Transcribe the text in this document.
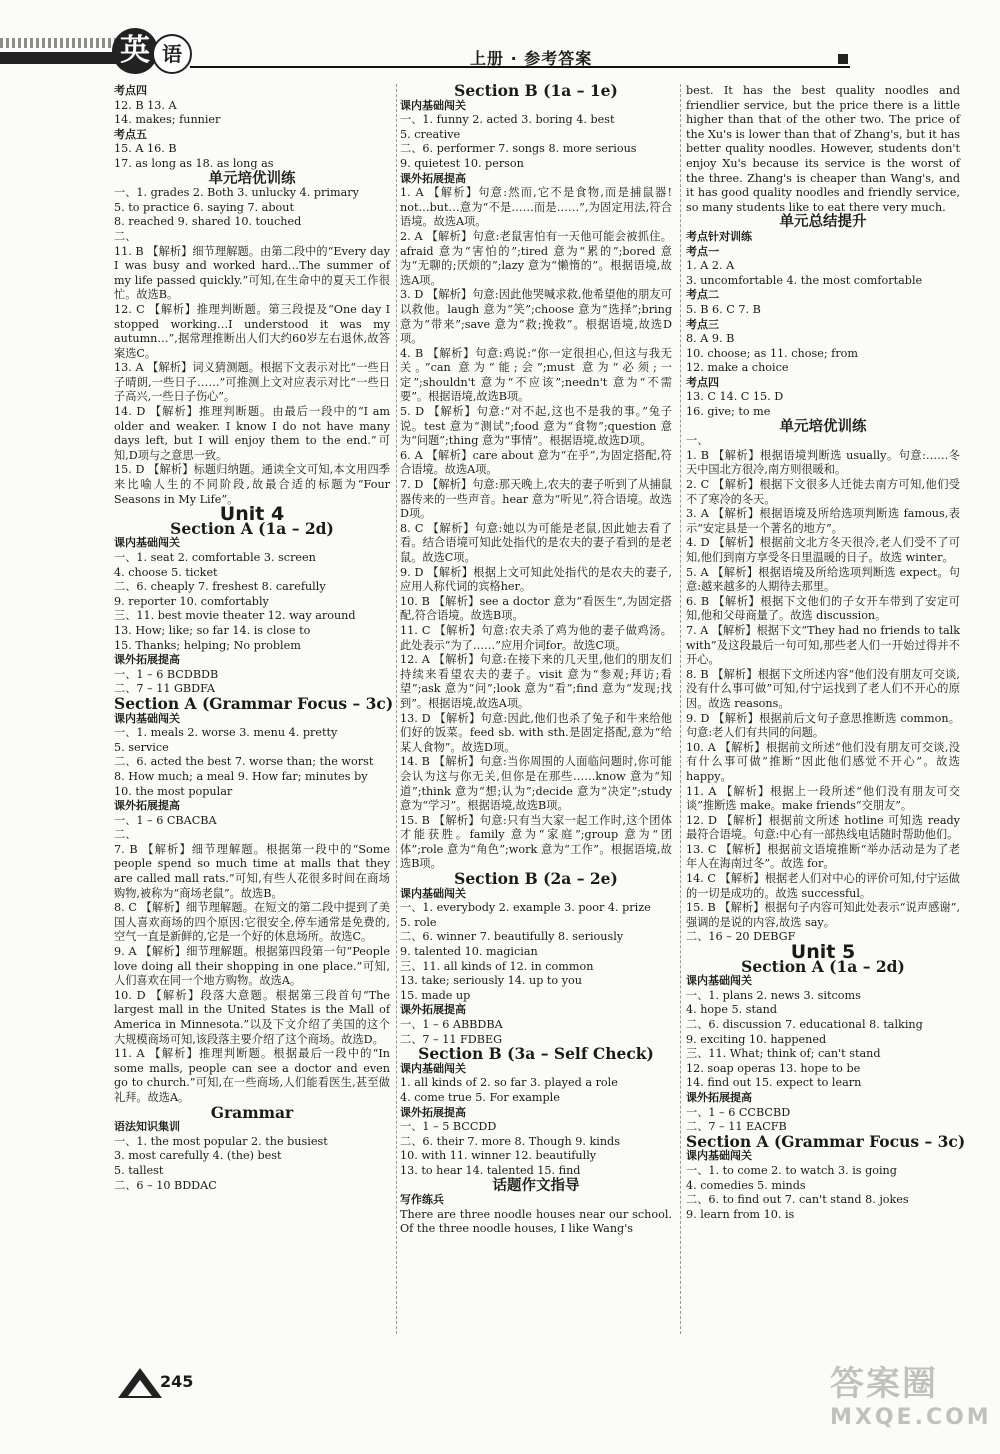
英 语	上册 · 参考答案

考点四

12. B 13. A

14. makes; funnier

考点五

15. A 16. B

17. as long as 18. as long as

单元培优训练

一、1. grades 2. Both 3. unlucky 4. primary

5. to practice 6. saying 7. about

8. reached 9. shared 10. touched

二、

11. B 【解析】细节理解题。由第二段中的“Every day I was busy and worked hard…The summer of my life passed quickly.”可知,在生命中的夏天工作很忙。故选B。

12. C 【解析】推理判断题。第三段提及“One day I stopped working…I understood it was my autumn…”,据常理推断出人们大约60岁左右退休,故答案选C。

13. A 【解析】词义猜测题。根据下文表示对比“一些日子晴朗,一些日子……”可推测上文对应表示对比“一些日子高兴,一些日子伤心”。

14. D 【解析】推理判断题。由最后一段中的“I am older and weaker. I know I do not have many days left, but I will enjoy them to the end.”可知,D项与之意思一致。

15. D 【解析】标题归纳题。通读全文可知,本文用四季来比喻人生的不同阶段,故最合适的标题为“Four Seasons in My Life”。

Unit 4

Section A (1a – 2d)

课内基础闯关

一、1. seat 2. comfortable 3. screen

4. choose 5. ticket

二、6. cheaply 7. freshest 8. carefully

9. reporter 10. comfortably

三、11. best movie theater 12. way around

13. How; like; so far 14. is close to

15. Thanks; helping; No problem

课外拓展提高

一、1 – 6 BCDBDB

二、7 – 11 GBDFA

Section A (Grammar Focus – 3c)

课内基础闯关

一、1. meals 2. worse 3. menu 4. pretty

5. service

二、6. acted the best 7. worse than; the worst

8. How much; a meal 9. How far; minutes by

10. the most popular

课外拓展提高

一、1 – 6 CBACBA

二、

7. B 【解析】细节理解题。根据第一段中的“Some people spend so much time at malls that they are called mall rats.”可知,有些人花很多时间在商场购物,被称为“商场老鼠”。故选B。

8. C 【解析】细节理解题。在短文的第二段中提到了美国人喜欢商场的四个原因:它很安全,停车通常是免费的,空气一直是新鲜的,它是一个好的休息场所。故选C。

9. A 【解析】细节理解题。根据第四段第一句“People love doing all their shopping in one place.”可知,人们喜欢在同一个地方购物。故选A。

10. D 【解析】段落大意题。根据第三段首句“The largest mall in the United States is the Mall of America in Minnesota.”以及下文介绍了美国的这个大规模商场可知,该段落主要介绍了这个商场。故选D。

11. A 【解析】推理判断题。根据最后一段中的“In some malls, people can see a doctor and even go to church.”可知,在一些商场,人们能看医生,甚至做礼拜。故选A。

Grammar

语法知识集训

一、1. the most popular 2. the busiest

3. most carefully 4. (the) best

5. tallest

二、6 – 10 BDDAC

Section B (1a – 1e)

课内基础闯关

一、1. funny 2. acted 3. boring 4. best

5. creative

二、6. performer 7. songs 8. more serious

9. quietest 10. person

课外拓展提高

1. A 【解析】句意:然而,它不是食物,而是捕鼠器! not…but…意为“不是……而是……”,为固定用法,符合语境。故选A项。

2. A 【解析】句意:老鼠害怕有一天他可能会被抓住。afraid 意为“害怕的”;tired 意为“累的”;bored 意为“无聊的;厌烦的”;lazy 意为“懒惰的”。根据语境,故选A项。

3. D 【解析】句意:因此他哭喊求救,他希望他的朋友可以救他。laugh 意为“笑”;choose 意为“选择”;bring 意为“带来”;save 意为“救;挽救”。根据语境,故选D项。

4. B 【解析】句意:鸡说:“你一定很担心,但这与我无关。”can 意为“能;会”;must 意为“必须;一定”;shouldn't 意为“不应该”;needn't 意为“不需要”。根据语境,故选B项。

5. D 【解析】句意:“对不起,这也不是我的事。”兔子说。test 意为“测试”;food 意为“食物”;question 意为“问题”;thing 意为“事情”。根据语境,故选D项。

6. A 【解析】care about 意为“在乎”,为固定搭配,符合语境。故选A项。

7. D 【解析】句意:那天晚上,农夫的妻子听到了从捕鼠器传来的一些声音。hear 意为“听见”,符合语境。故选D项。

8. C 【解析】句意:她以为可能是老鼠,因此她去看了看。结合语境可知此处指代的是农夫的妻子看到的是老鼠。故选C项。

9. D 【解析】根据上文可知此处指代的是农夫的妻子,应用人称代词的宾格her。

10. B 【解析】see a doctor 意为“看医生”,为固定搭配,符合语境。故选B项。

11. C 【解析】句意:农夫杀了鸡为他的妻子做鸡汤。此处表示“为了……”应用介词for。故选C项。

12. A 【解析】句意:在接下来的几天里,他们的朋友们持续来看望农夫的妻子。visit 意为“参观;拜访;看望”;ask 意为“问”;look 意为“看”;find 意为“发现;找到”。根据语境,故选A项。

13. D 【解析】句意:因此,他们也杀了兔子和牛来给他们好的饭菜。feed sb. with sth.是固定搭配,意为“给某人食物”。故选D项。

14. B 【解析】句意:当你周围的人面临问题时,你可能会认为这与你无关,但你是在那些……know 意为“知道”;think 意为“想;认为”;decide 意为“决定”;study 意为“学习”。根据语境,故选B项。

15. B 【解析】句意:只有当大家一起工作时,这个团体才能获胜。family 意为“家庭”;group 意为“团体”;role 意为“角色”;work 意为“工作”。根据语境,故选B项。

Section B (2a – 2e)

课内基础闯关

一、1. everybody 2. example 3. poor 4. prize

5. role

二、6. winner 7. beautifully 8. seriously

9. talented 10. magician

三、11. all kinds of 12. in common

13. take; seriously 14. up to you

15. made up

课外拓展提高

一、1 – 6 ABBDBA

二、7 – 11 FDBEG

Section B (3a – Self Check)

课内基础闯关

1. all kinds of 2. so far 3. played a role

4. come true 5. For example

课外拓展提高

一、1 – 5 BCCDD

二、6. their 7. more 8. Though 9. kinds

10. with 11. winner 12. beautifully

13. to hear 14. talented 15. find

话题作文指导

写作练兵

There are three noodle houses near our school. Of the three noodle houses, I like Wang's

best. It has the best quality noodles and friendlier service, but the price there is a little higher than that of the other two. The price of the Xu's is lower than that of Zhang's, but it has better quality noodles. However, students don't enjoy Xu's because its service is the worst of the three. Zhang's is cheaper than Wang's, and it has good quality noodles and friendly service, so many students like to eat there very much.

单元总结提升

考点针对训练

考点一

1. A 2. A

3. uncomfortable 4. the most comfortable

考点二

5. B 6. C 7. B

考点三

8. A 9. B

10. choose; as 11. chose; from

12. make a choice

考点四

13. C 14. C 15. D

16. give; to me

单元培优训练

一、

1. B 【解析】根据语境判断选 usually。句意:……冬天中国北方很冷,南方则很暖和。

2. C 【解析】根据下文很多人迁徙去南方可知,他们受不了寒冷的冬天。

3. A 【解析】根据语境及所给选项判断选 famous,表示“安定县是一个著名的地方”。

4. D 【解析】根据前文北方冬天很冷,老人们受不了可知,他们到南方享受冬日里温暖的日子。故选 winter。

5. A 【解析】根据语境及所给选项判断选 expect。句意:越来越多的人期待去那里。

6. B 【解析】根据下文他们的子女开车带到了安定可知,他和父母商量了。故选 discussion。

7. A 【解析】根据下文“They had no friends to talk with”及这段最后一句可知,那些老人们一开始过得并不开心。

8. B 【解析】根据下文所述内容“他们没有朋友可交谈,没有什么事可做”可知,付宁运找到了老人们不开心的原因。故选 reasons。

9. D 【解析】根据前后文句子意思推断选 common。句意:老人们有共同的问题。

10. A 【解析】根据前文所述“他们没有朋友可交谈,没有什么事可做”推断“因此他们感觉不开心”。故选 happy。

11. A 【解析】根据上一段所述“他们没有朋友可交谈”推断选 make。make friends“交朋友”。

12. D 【解析】根据前文所述 hotline 可知选 ready 最符合语境。句意:中心有一部热线电话随时帮助他们。

13. C 【解析】根据前文语境推断“举办活动是为了老年人在海南过冬”。故选 for。

14. C 【解析】根据老人们对中心的评价可知,付宁运做的一切是成功的。故选 successful。

15. B 【解析】根据句子内容可知此处表示“说声感谢”,强调的是说的内容,故选 say。

二、16 – 20 DEBGF

Unit 5

Section A (1a – 2d)

课内基础闯关

一、1. plans 2. news 3. sitcoms

4. hope 5. stand

二、6. discussion 7. educational 8. talking

9. exciting 10. happened

三、11. What; think of; can't stand

12. soap operas 13. hope to be

14. find out 15. expect to learn

课外拓展提高

一、1 – 6 CCBCBD

二、7 – 11 EACFB

Section A (Grammar Focus – 3c)

课内基础闯关

一、1. to come 2. to watch 3. is going

4. comedies 5. minds

二、6. to find out 7. can't stand 8. jokes

9. learn from 10. is

245	答案圈
MXQE.COM
